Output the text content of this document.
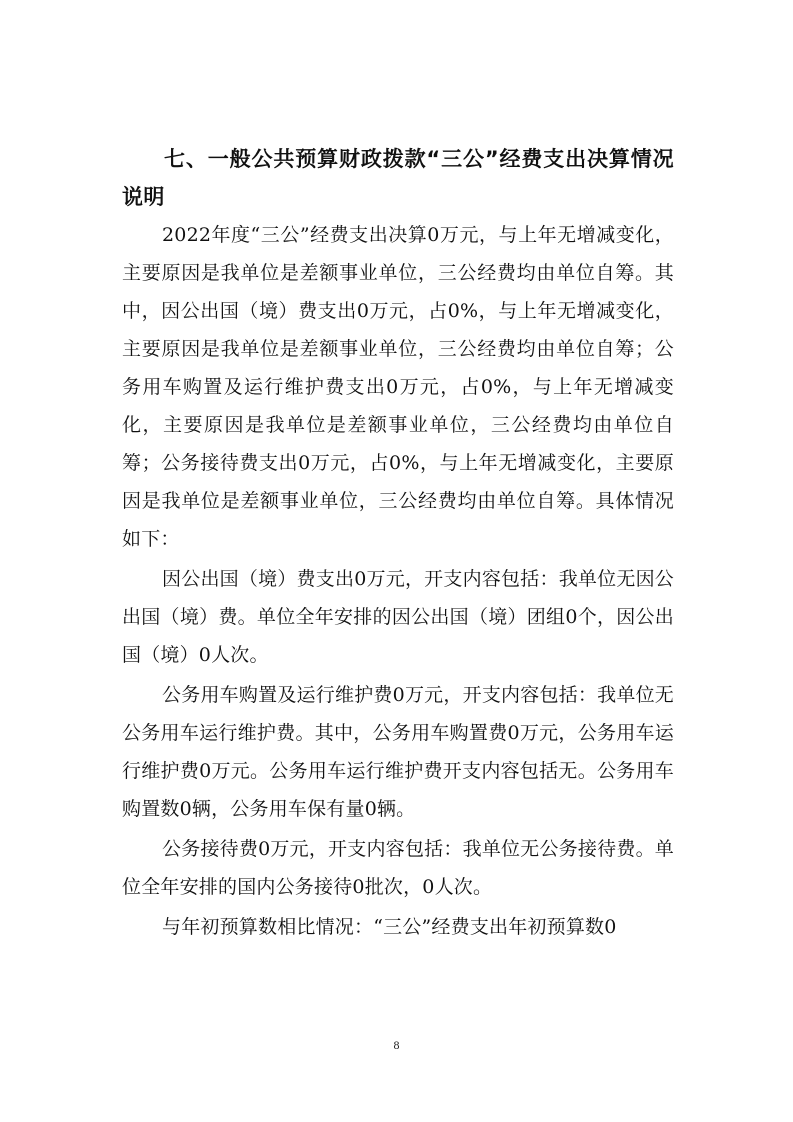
七、一般公共预算财政拨款“三公”经费支出决算情况说明

2022年度“三公”经费支出决算0万元，与上年无增减变化，主要原因是我单位是差额事业单位，三公经费均由单位自筹。其中，因公出国（境）费支出0万元，占0%，与上年无增减变化，主要原因是我单位是差额事业单位，三公经费均由单位自筹；公务用车购置及运行维护费支出0万元，占0%，与上年无增减变化，主要原因是我单位是差额事业单位，三公经费均由单位自筹；公务接待费支出0万元，占0%，与上年无增减变化，主要原因是我单位是差额事业单位，三公经费均由单位自筹。具体情况如下：

因公出国（境）费支出0万元，开支内容包括：我单位无因公出国（境）费。单位全年安排的因公出国（境）团组0个，因公出国（境）0人次。

公务用车购置及运行维护费0万元，开支内容包括：我单位无公务用车运行维护费。其中，公务用车购置费0万元，公务用车运行维护费0万元。公务用车运行维护费开支内容包括无。公务用车购置数0辆，公务用车保有量0辆。

公务接待费0万元，开支内容包括：我单位无公务接待费。单位全年安排的国内公务接待0批次，0人次。

与年初预算数相比情况：“三公”经费支出年初预算数0

8
